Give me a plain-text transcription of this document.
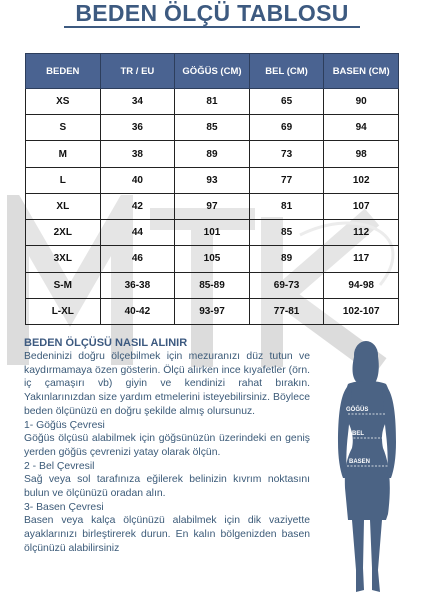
BEDEN ÖLÇÜ TABLOSU
BEDEN	TR / EU	GÖĞÜS (CM)	BEL (CM)	BASEN (CM)
XS	34	81	65	90
S	36	85	69	94
M	38	89	73	98
L	40	93	77	102
XL	42	97	81	107
2XL	44	101	85	112
3XL	46	105	89	117
S-M	36-38	85-89	69-73	94-98
L-XL	40-42	93-97	77-81	102-107
BEDEN ÖLÇÜSÜ NASIL ALINIR

Bedeninizi doğru ölçebilmek için mezuranızı düz tutun ve kaydırmamaya özen gösterin. Ölçü alırken ince kıyafetler (örn. iç çamaşırı vb) giyin ve kendinizi rahat bırakın. Yakınlarınızdan size yardım etmelerini isteyebilirsiniz. Böylece beden ölçünüzü en doğru şekilde almış olursunuz.

1- Göğüs Çevresi

Göğüs ölçüsü alabilmek için göğsünüzün üzerindeki en geniş yerden göğüs çevrenizi yatay olarak ölçün.

2 - Bel Çevresil

Sağ veya sol tarafınıza eğilerek belinizin kıvrım noktasını bulun ve ölçünüzü oradan alın.

3- Basen Çevresi

Basen veya kalça ölçünüzü alabilmek için dik vaziyette ayaklarınızı birleştirerek durun. En kalın bölgenizden basen ölçünüzü alabilirsiniz

GÖĞÜS
BEL
BASEN
